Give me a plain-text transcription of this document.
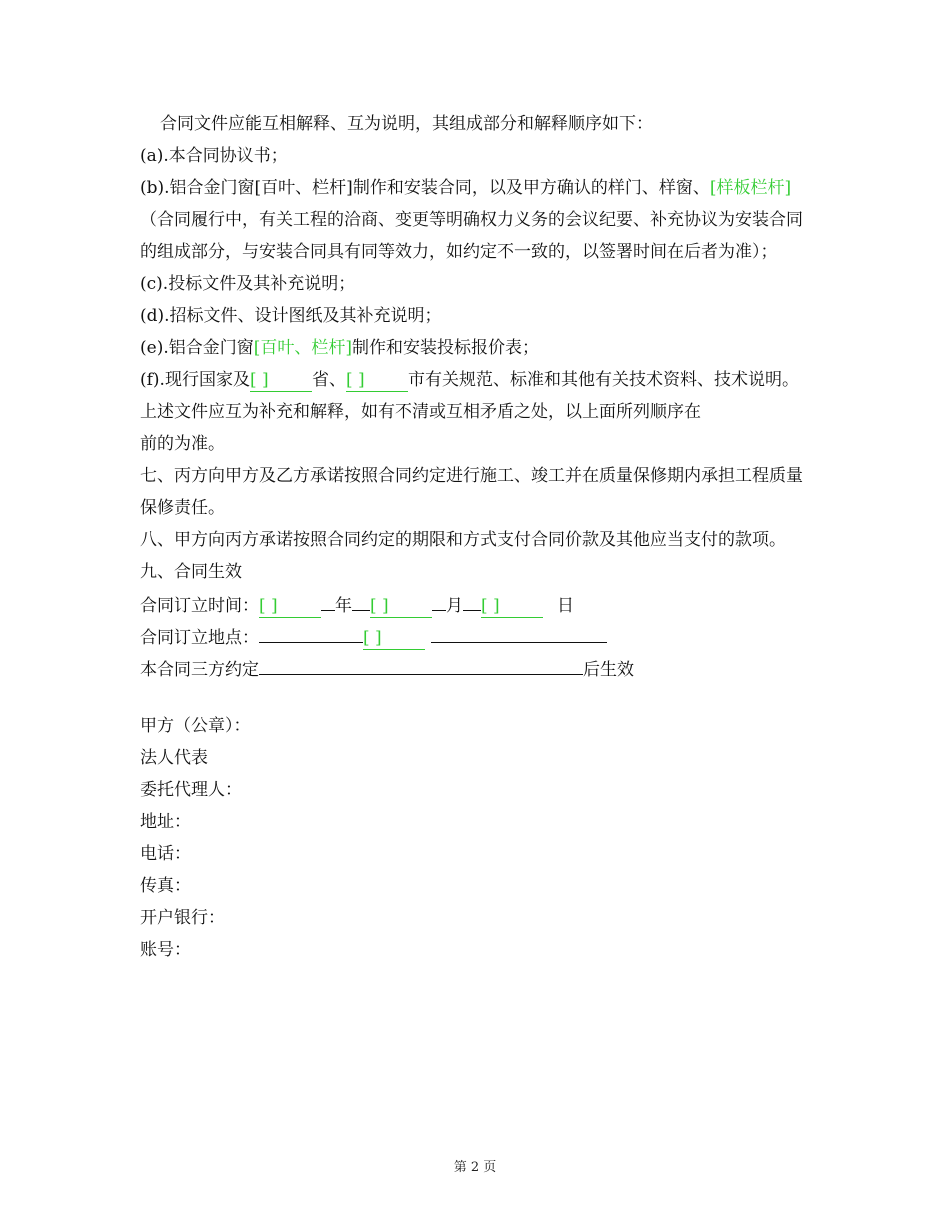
合同文件应能互相解释、互为说明，其组成部分和解释顺序如下：

(a).本合同协议书；

(b).铝合金门窗[百叶、栏杆]制作和安装合同，以及甲方确认的样门、样窗、[样板栏杆]（合同履行中，有关工程的洽商、变更等明确权力义务的会议纪要、补充协议为安装合同的组成部分，与安装合同具有同等效力，如约定不一致的，以签署时间在后者为准）；

(c).投标文件及其补充说明；

(d).招标文件、设计图纸及其补充说明；

(e).铝合金门窗[百叶、栏杆]制作和安装投标报价表；

(f).现行国家及[ ]	省、[ ]	市有关规范、标准和其他有关技术资料、技术说明。

上述文件应互为补充和解释，如有不清或互相矛盾之处，以上面所列顺序在

前的为准。

七、丙方向甲方及乙方承诺按照合同约定进行施工、竣工并在质量保修期内承担工程质量保修责任。

八、甲方向丙方承诺按照合同约定的期限和方式支付合同价款及其他应当支付的款项。

九、合同生效

合同订立时间：[ ]	年 [ ]	月 [ ]	日

合同订立地点：	[ ]

本合同三方约定	后生效

甲方（公章）：

法人代表

委托代理人：

地址：

电话：

传真：

开户银行：

账号：

第 2 页
